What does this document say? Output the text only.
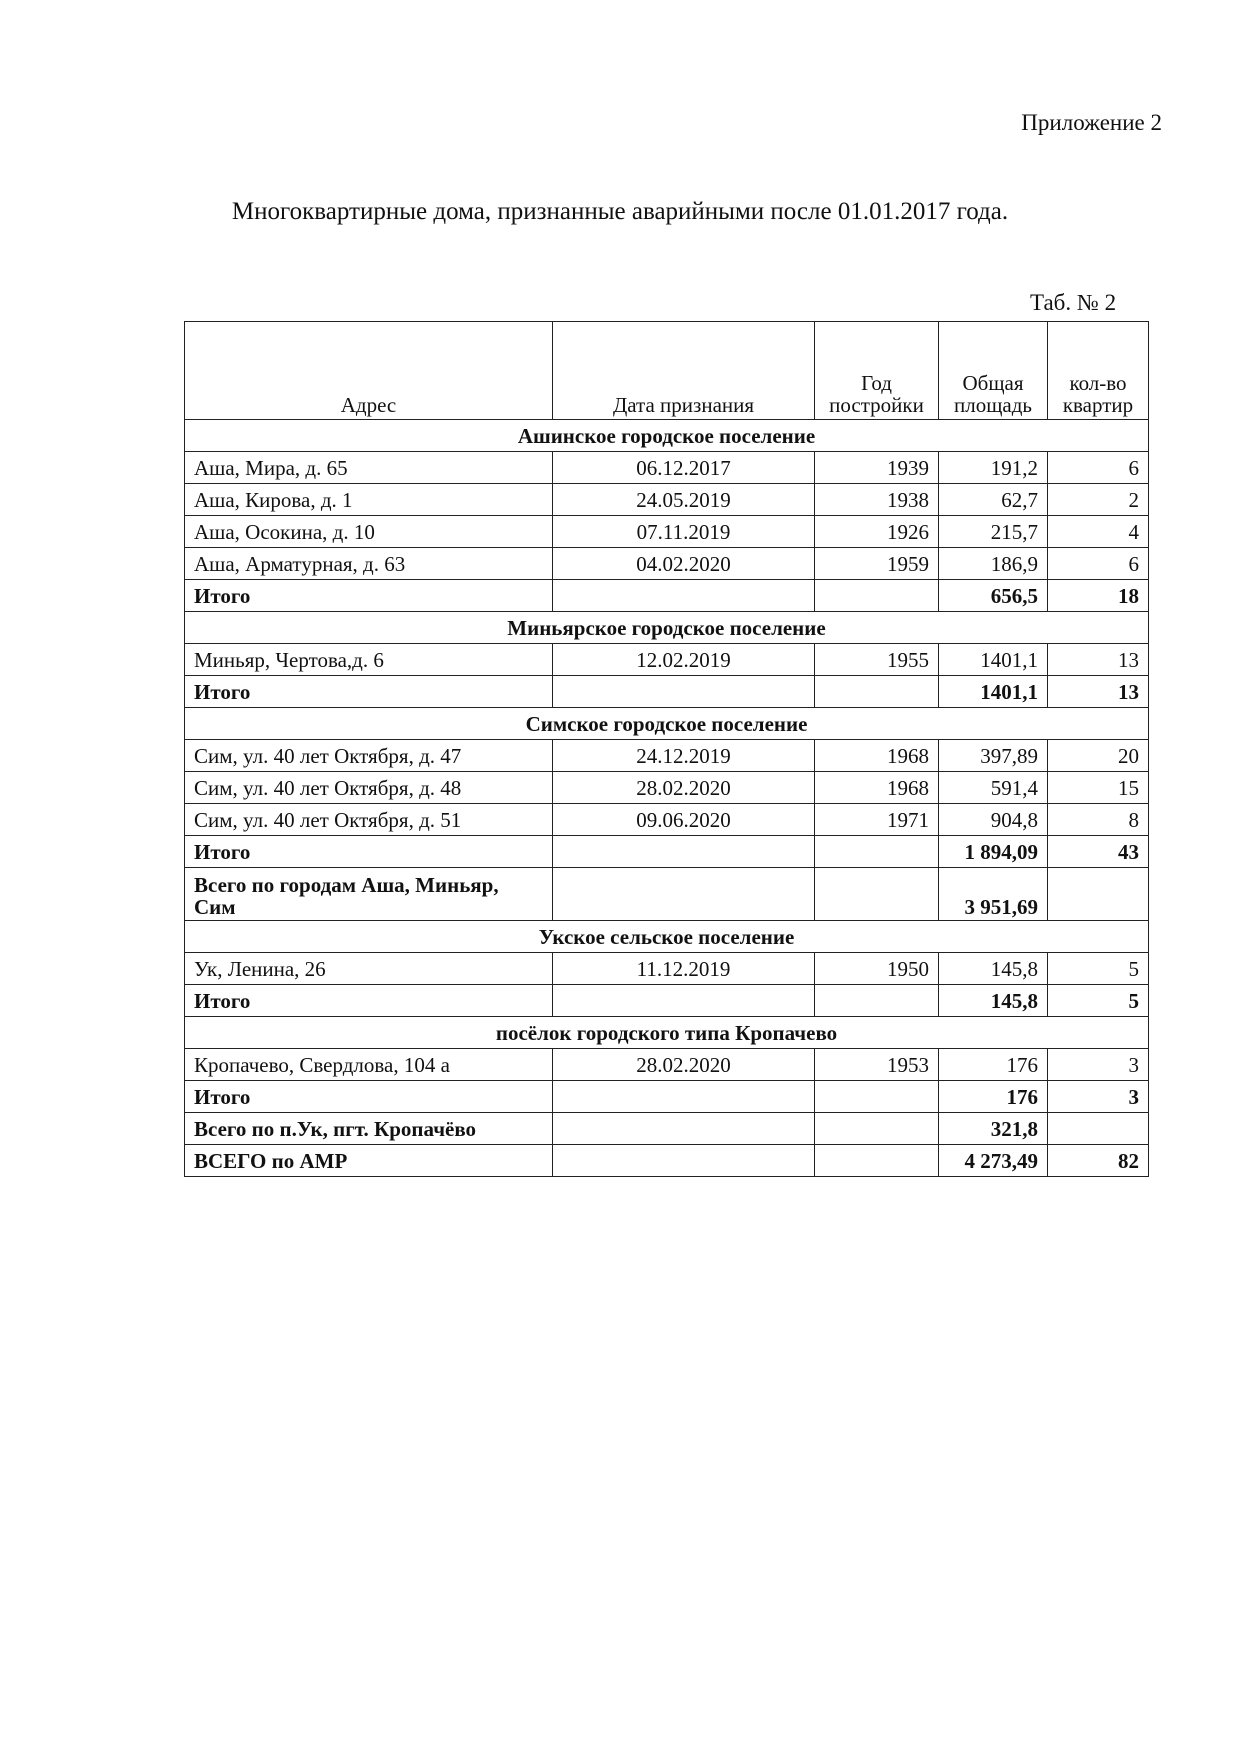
Приложение 2
Многоквартирные дома, признанные аварийными после 01.01.2017 года.
Таб. № 2
Адрес	Дата признания	Год постройки	Общая площадь	кол-во квартир
Ашинское городское поселение				
Аша, Мира, д. 65	06.12.2017	1939	191,2	6
Аша, Кирова, д. 1	24.05.2019	1938	62,7	2
Аша, Осокина, д. 10	07.11.2019	1926	215,7	4
Аша, Арматурная, д. 63	04.02.2020	1959	186,9	6
Итого			656,5	18
Миньярское городское поселение				
Миньяр, Чертова,д. 6	12.02.2019	1955	1401,1	13
Итого			1401,1	13
Симское городское поселение				
Сим, ул. 40 лет Октября, д. 47	24.12.2019	1968	397,89	20
Сим, ул. 40 лет Октября, д. 48	28.02.2020	1968	591,4	15
Сим, ул. 40 лет Октября, д. 51	09.06.2020	1971	904,8	8
Итого			1 894,09	43
Всего по городам Аша, Миньяр, Сим			3 951,69	
Укское сельское поселение				
Ук, Ленина, 26	11.12.2019	1950	145,8	5
Итого			145,8	5
посёлок городского типа Кропачево				
Кропачево, Свердлова, 104 а	28.02.2020	1953	176	3
Итого			176	3
Всего по п.Ук, пгт. Кропачёво			321,8	
ВСЕГО по АМР			4 273,49	82
